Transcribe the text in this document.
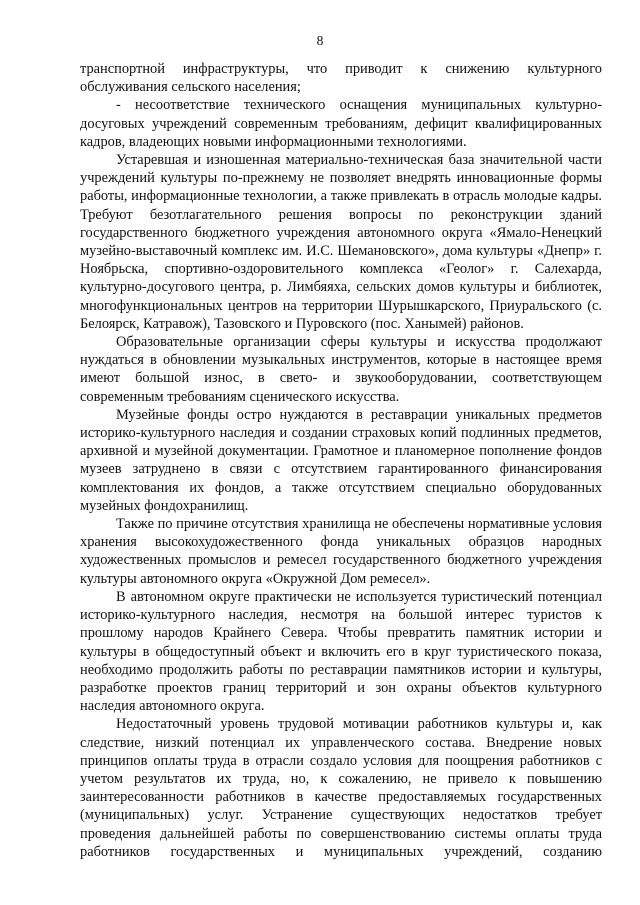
8

транспортной инфраструктуры, что приводит к снижению культурного обслуживания сельского населения;

- несоответствие технического оснащения муниципальных культурно-досуговых учреждений современным требованиям, дефицит квалифицированных кадров, владеющих новыми информационными технологиями.

Устаревшая и изношенная материально-техническая база значительной части учреждений культуры по-прежнему не позволяет внедрять инновационные формы работы, информационные технологии, а также привлекать в отрасль молодые кадры. Требуют безотлагательного решения вопросы по реконструкции зданий государственного бюджетного учреждения автономного округа «Ямало-Ненецкий музейно-выставочный комплекс им. И.С. Шемановского», дома культуры «Днепр» г. Ноябрьска, спортивно-оздоровительного комплекса «Геолог» г. Салехарда, культурно-досугового центра, р. Лимбяяха, сельских домов культуры и библиотек, многофункциональных центров на территории Шурышкарского, Приуральского (с. Белоярск, Катравож), Тазовского и Пуровского (пос. Ханымей) районов.

Образовательные организации сферы культуры и искусства продолжают нуждаться в обновлении музыкальных инструментов, которые в настоящее время имеют большой износ, в свето- и звукооборудовании, соответствующем современным требованиям сценического искусства.

Музейные фонды остро нуждаются в реставрации уникальных предметов историко-культурного наследия и создании страховых копий подлинных предметов, архивной и музейной документации. Грамотное и планомерное пополнение фондов музеев затруднено в связи с отсутствием гарантированного финансирования комплектования их фондов, а также отсутствием специально оборудованных музейных фондохранилищ.

Также по причине отсутствия хранилища не обеспечены нормативные условия хранения высокохудожественного фонда уникальных образцов народных художественных промыслов и ремесел государственного бюджетного учреждения культуры автономного округа «Окружной Дом ремесел».

В автономном округе практически не используется туристический потенциал историко-культурного наследия, несмотря на большой интерес туристов к прошлому народов Крайнего Севера. Чтобы превратить памятник истории и культуры в общедоступный объект и включить его в круг туристического показа, необходимо продолжить работы по реставрации памятников истории и культуры, разработке проектов границ территорий и зон охраны объектов культурного наследия автономного округа.

Недостаточный уровень трудовой мотивации работников культуры и, как следствие, низкий потенциал их управленческого состава. Внедрение новых принципов оплаты труда в отрасли создало условия для поощрения работников с учетом результатов их труда, но, к сожалению, не привело к повышению заинтересованности работников в качестве предоставляемых государственных (муниципальных) услуг. Устранение существующих недостатков требует проведения дальнейшей работы по совершенствованию системы оплаты труда работников государственных и муниципальных учреждений, созданию
